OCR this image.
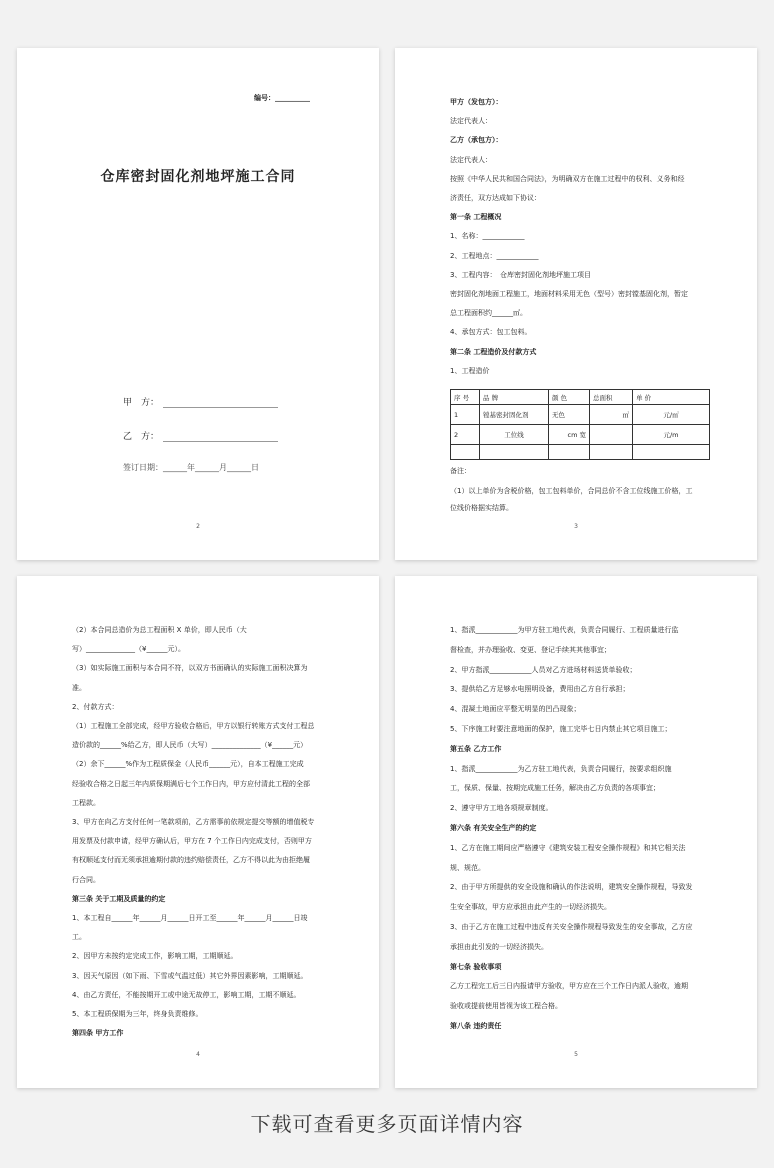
编号：__________
仓库密封固化剂地坪施工合同
甲　方：
乙　方：
签订日期：______年______月______日
2
甲方（发包方）：
法定代表人：
乙方（承包方）：
法定代表人：
按照《中华人民共和国合同法》，为明确双方在施工过程中的权利、义务和经
济责任，双方达成如下协议：
第一条 工程概况
1、名称：____________
2、工程地点：____________
3、工程内容：　仓库密封固化剂地坪施工项目
密封固化剂地面工程施工，地面材料采用无色（型号）密封镗基固化剂，暂定
总工程面积约______㎡。
4、承包方式：包工包料。
第二条 工程造价及付款方式
1、工程造价
序 号	品 牌	颜 色	总面积	单 价
1	镗基密封固化剂	无色	㎡	元/㎡
2	工位线	cm 宽		元/m

备注：
（1）以上单价为含税价格，包工包料单价，合同总价不含工位线施工价格，工
位线价格据实结算。
3
（2）本合同总造价为总工程面积 X 单价，即人民币（大
写）______________（¥______元）。
（3）如实际施工面积与本合同不符，以双方书面确认的实际施工面积决算为
准。
2、付款方式：
（1）工程施工全部完成，经甲方验收合格后，甲方以银行转账方式支付工程总
造价款的______%给乙方，即人民币（大写）______________（¥______元）
（2）余下______%作为工程质保金（人民币______元），自本工程施工完成
经验收合格之日起三年内质保期满后七个工作日内，甲方应付清此工程的全部
工程款。
3、甲方在向乙方支付任何一笔款项前，乙方需事前依规定提交等额的增值税专
用发票及付款申请，经甲方确认后，甲方在 7 个工作日内完成支付，否则甲方
有权顺延支付而无须承担逾期付款的违约赔偿责任，乙方不得以此为由拒绝履
行合同。
第三条 关于工期及质量的约定
1、本工程自______年______月______日开工至______年______月______日竣
工。
2、因甲方未按约定完成工作，影响工期，工期顺延。
3、因天气原因（如下雨、下雪或气温过低）其它外界因素影响，工期顺延。
4、由乙方责任，不能按期开工或中途无故停工，影响工期，工期不顺延。
5、本工程质保期为三年，终身负责维修。
第四条 甲方工作
4
1、指派____________为甲方驻工地代表，负责合同履行、工程质量进行监
督检查，并办理验收、变更、登记手续其其他事宜；
2、甲方指派____________人员对乙方进场材料送货单验收；
3、提供给乙方足够水电照明设备，费用由乙方自行承担；
4、混凝土地面应平整无明显的凹凸现象；
5、下序施工时要注意地面的保护，施工完毕七日内禁止其它项目施工；
第五条 乙方工作
1、指派____________为乙方驻工地代表，负责合同履行，按要求组织施
工，保质、保量、按期完成施工任务，解决由乙方负责的各项事宜；
2、遵守甲方工地各项规章制度。
第六条 有关安全生产的约定
1、乙方在施工期间应严格遵守《建筑安装工程安全操作规程》和其它相关法
规、规范。
2、由于甲方所提供的安全设施和确认的作法说明，建筑安全操作规程，导致发
生安全事故，甲方应承担由此产生的一切经济损失。
3、由于乙方在施工过程中违反有关安全操作规程导致发生的安全事故，乙方应
承担由此引发的一切经济损失。
第七条 验收事项
乙方工程完工后三日内报请甲方验收，甲方应在三个工作日内派人验收，逾期
验收或提前使用皆视为该工程合格。
第八条 违约责任
5
下载可查看更多页面详情内容
